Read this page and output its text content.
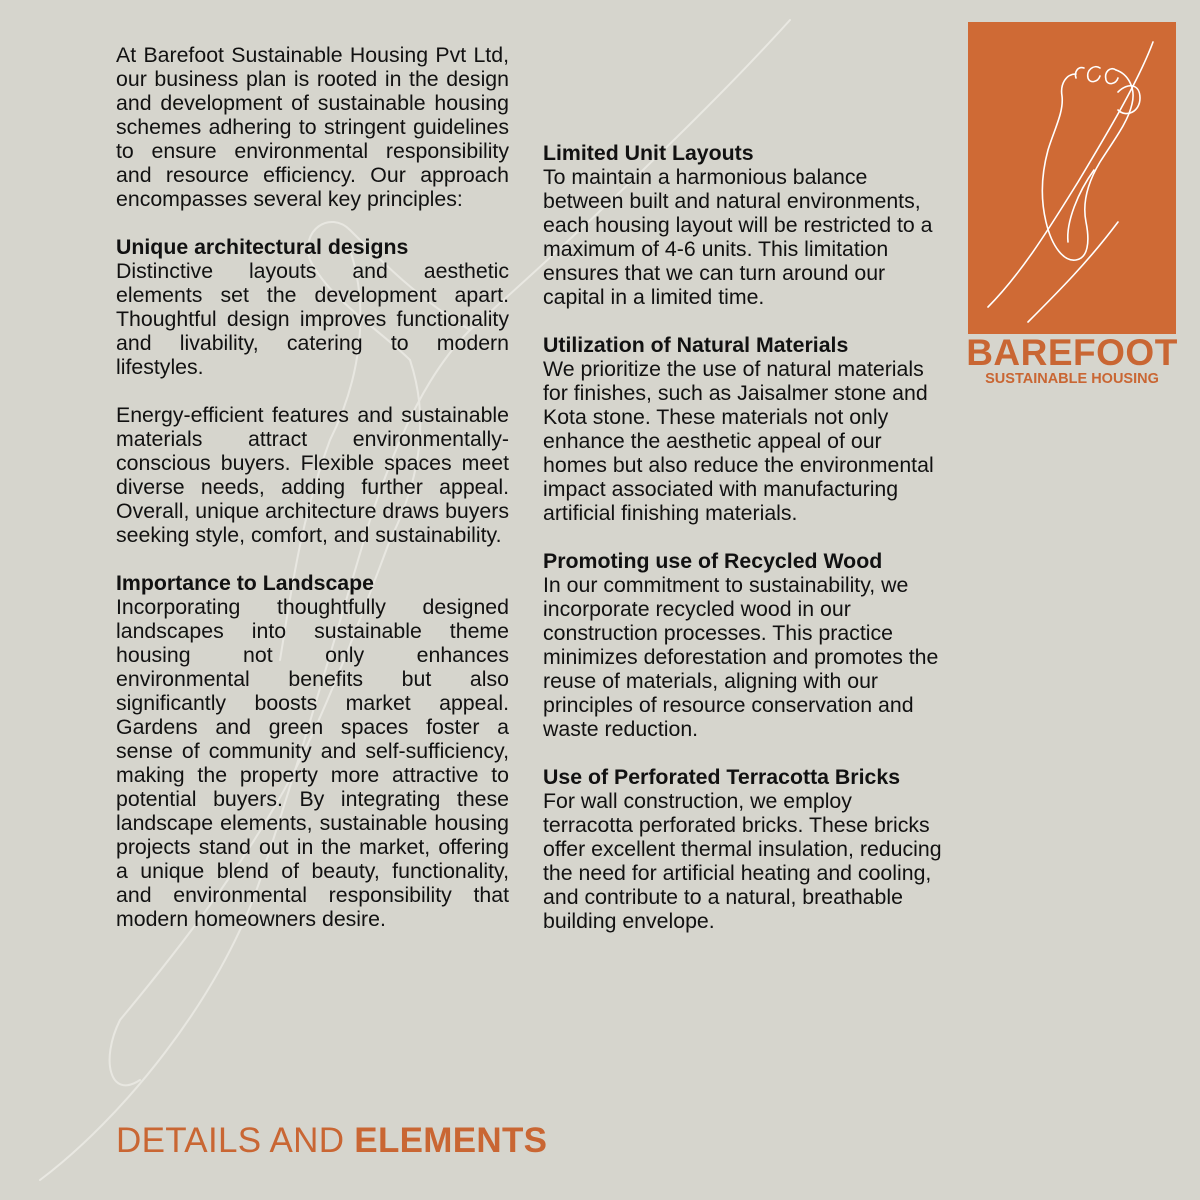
At Barefoot Sustainable Housing Pvt Ltd, our business plan is rooted in the design and development of sustainable housing schemes adhering to stringent guidelines to ensure environmental responsibility and resource efficiency. Our approach encompasses several key principles:

Unique architectural designs

Distinctive layouts and aesthetic elements set the development apart. Thoughtful design improves functionality and livability, catering to modern lifestyles.

Energy-efficient features and sustainable materials attract environmentally-conscious buyers. Flexible spaces meet diverse needs, adding further appeal. Overall, unique architecture draws buyers seeking style, comfort, and sustainability.

Importance to Landscape

Incorporating thoughtfully designed landscapes into sustainable theme housing not only enhances environmental benefits but also significantly boosts market appeal. Gardens and green spaces foster a sense of community and self-sufficiency, making the property more attractive to potential buyers. By integrating these landscape elements, sustainable housing projects stand out in the market, offering a unique blend of beauty, functionality, and environmental responsibility that modern homeowners desire.

Limited Unit Layouts

To maintain a harmonious balance between built and natural environments, each housing layout will be restricted to a maximum of 4-6 units. This limitation ensures that we can turn around our capital in a limited time.

Utilization of Natural Materials

We prioritize the use of natural materials for finishes, such as Jaisalmer stone and Kota stone. These materials not only enhance the aesthetic appeal of our homes but also reduce the environmental impact associated with manufacturing artificial finishing materials.

Promoting use of Recycled Wood

In our commitment to sustainability, we incorporate recycled wood in our construction processes. This practice minimizes deforestation and promotes the reuse of materials, aligning with our principles of resource conservation and waste reduction.

Use of Perforated Terracotta Bricks

For wall construction, we employ terracotta perforated bricks. These bricks offer excellent thermal insulation, reducing the need for artificial heating and cooling, and contribute to a natural, breathable building envelope.

BAREFOOT
SUSTAINABLE HOUSING
DETAILS AND ELEMENTS
